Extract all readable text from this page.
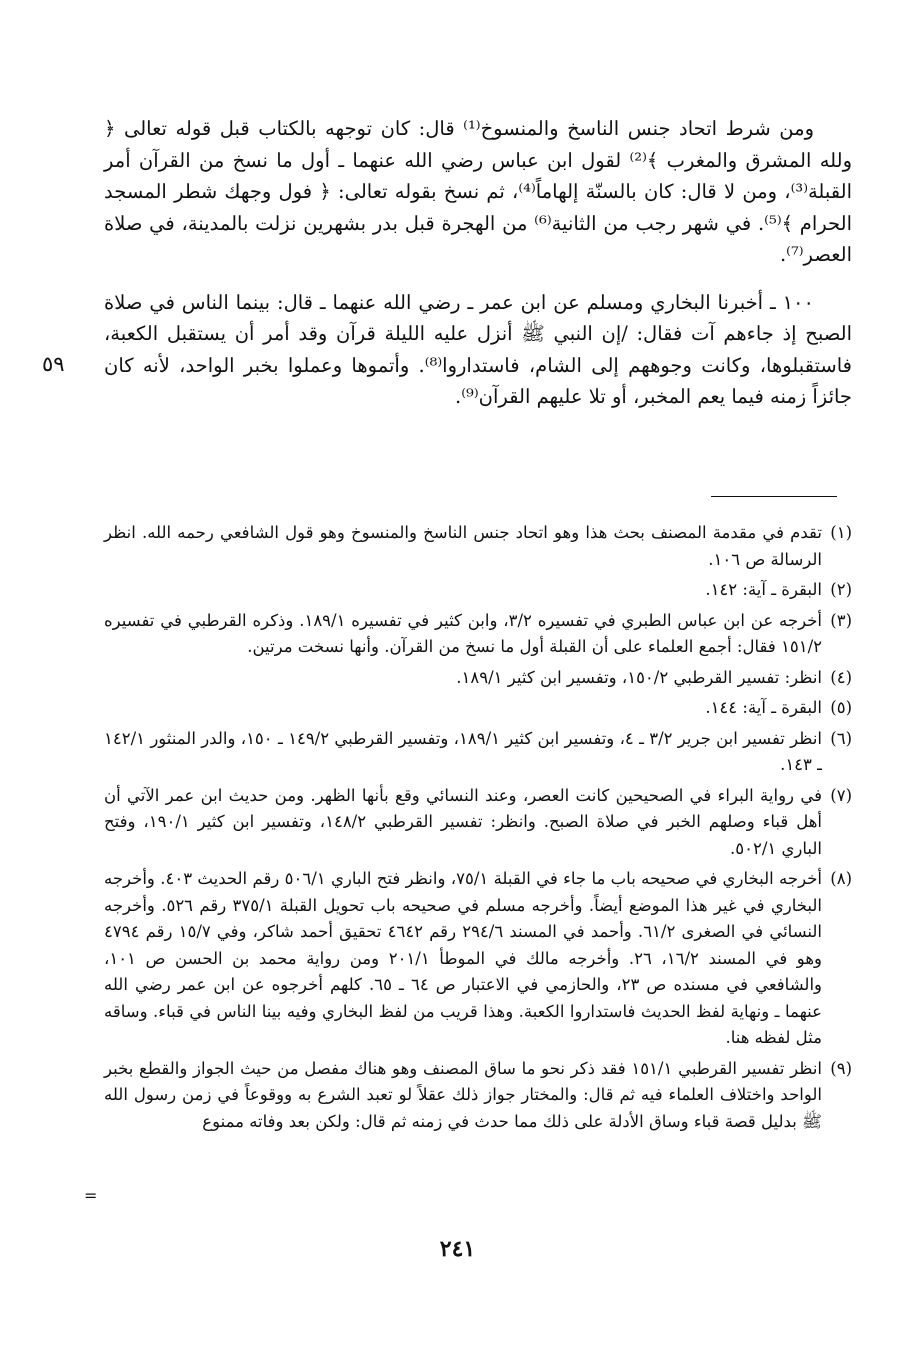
ومن شرط اتحاد جنس الناسخ والمنسوخ⁽¹⁾ قال: كان توجهه بالكتاب قبل قوله تعالى ﴿ ولله المشرق والمغرب ﴾⁽²⁾ لقول ابن عباس رضي الله عنهما ـ أول ما نسخ من القرآن أمر القبلة⁽³⁾، ومن لا قال: كان بالسنّة إلهاماً⁽⁴⁾، ثم نسخ بقوله تعالى: ﴿ فول وجهك شطر المسجد الحرام ﴾⁽⁵⁾. في شهر رجب من الثانية⁽⁶⁾ من الهجرة قبل بدر بشهرين نزلت بالمدينة، في صلاة العصر⁽⁷⁾.

١٠٠ ـ أخبرنا البخاري ومسلم عن ابن عمر ـ رضي الله عنهما ـ قال: بينما الناس في صلاة الصبح إذ جاءهم آت فقال: /إن النبي ﷺ أنزل عليه الليلة قرآن وقد أمر أن يستقبل الكعبة، فاستقبلوها، وكانت وجوههم إلى الشام، فاستداروا⁽⁸⁾. وأتموها وعملوا بخبر الواحد، لأنه كان جائزاً زمنه فيما يعم المخبر، أو تلا عليهم القرآن⁽⁹⁾.

٥٩
(١)
تقدم في مقدمة المصنف بحث هذا وهو اتحاد جنس الناسخ والمنسوخ وهو قول الشافعي رحمه الله. انظر الرسالة ص ١٠٦.
(٢)
البقرة ـ آية: ١٤٢.
(٣)
أخرجه عن ابن عباس الطبري في تفسيره ٣/٢، وابن كثير في تفسيره ١٨٩/١. وذكره القرطبي في تفسيره ١٥١/٢ فقال: أجمع العلماء على أن القبلة أول ما نسخ من القرآن. وأنها نسخت مرتين.
(٤)
انظر: تفسير القرطبي ١٥٠/٢، وتفسير ابن كثير ١٨٩/١.
(٥)
البقرة ـ آية: ١٤٤.
(٦)
انظر تفسير ابن جرير ٣/٢ ـ ٤، وتفسير ابن كثير ١٨٩/١، وتفسير القرطبي ١٤٩/٢ ـ ١٥٠، والدر المنثور ١٤٢/١ ـ ١٤٣.
(٧)
في رواية البراء في الصحيحين كانت العصر، وعند النسائي وقع بأنها الظهر. ومن حديث ابن عمر الآتي أن أهل قباء وصلهم الخبر في صلاة الصبح. وانظر: تفسير القرطبي ١٤٨/٢، وتفسير ابن كثير ١٩٠/١، وفتح الباري ٥٠٢/١.
(٨)
أخرجه البخاري في صحيحه باب ما جاء في القبلة ٧٥/١، وانظر فتح الباري ٥٠٦/١ رقم الحديث ٤٠٣. وأخرجه البخاري في غير هذا الموضع أيضاً. وأخرجه مسلم في صحيحه باب تحويل القبلة ٣٧٥/١ رقم ٥٢٦. وأخرجه النسائي في الصغرى ٦١/٢. وأحمد في المسند ٢٩٤/٦ رقم ٤٦٤٢ تحقيق أحمد شاكر، وفي ١٥/٧ رقم ٤٧٩٤ وهو في المسند ١٦/٢، ٢٦. وأخرجه مالك في الموطأ ٢٠١/١ ومن رواية محمد بن الحسن ص ١٠١، والشافعي في مسنده ص ٢٣، والحازمي في الاعتبار ص ٦٤ ـ ٦٥. كلهم أخرجوه عن ابن عمر رضي الله عنهما ـ ونهاية لفظ الحديث فاستداروا الكعبة. وهذا قريب من لفظ البخاري وفيه بينا الناس في قباء. وساقه مثل لفظه هنا.
(٩)
انظر تفسير القرطبي ١٥١/١ فقد ذكر نحو ما ساق المصنف وهو هناك مفصل من حيث الجواز والقطع بخبر الواحد واختلاف العلماء فيه ثم قال: والمختار جواز ذلك عقلاً لو تعبد الشرع به ووقوعاً في زمن رسول الله ﷺ بدليل قصة قباء وساق الأدلة على ذلك مما حدث في زمنه ثم قال: ولكن بعد وفاته ممنوع
=
٢٤١
